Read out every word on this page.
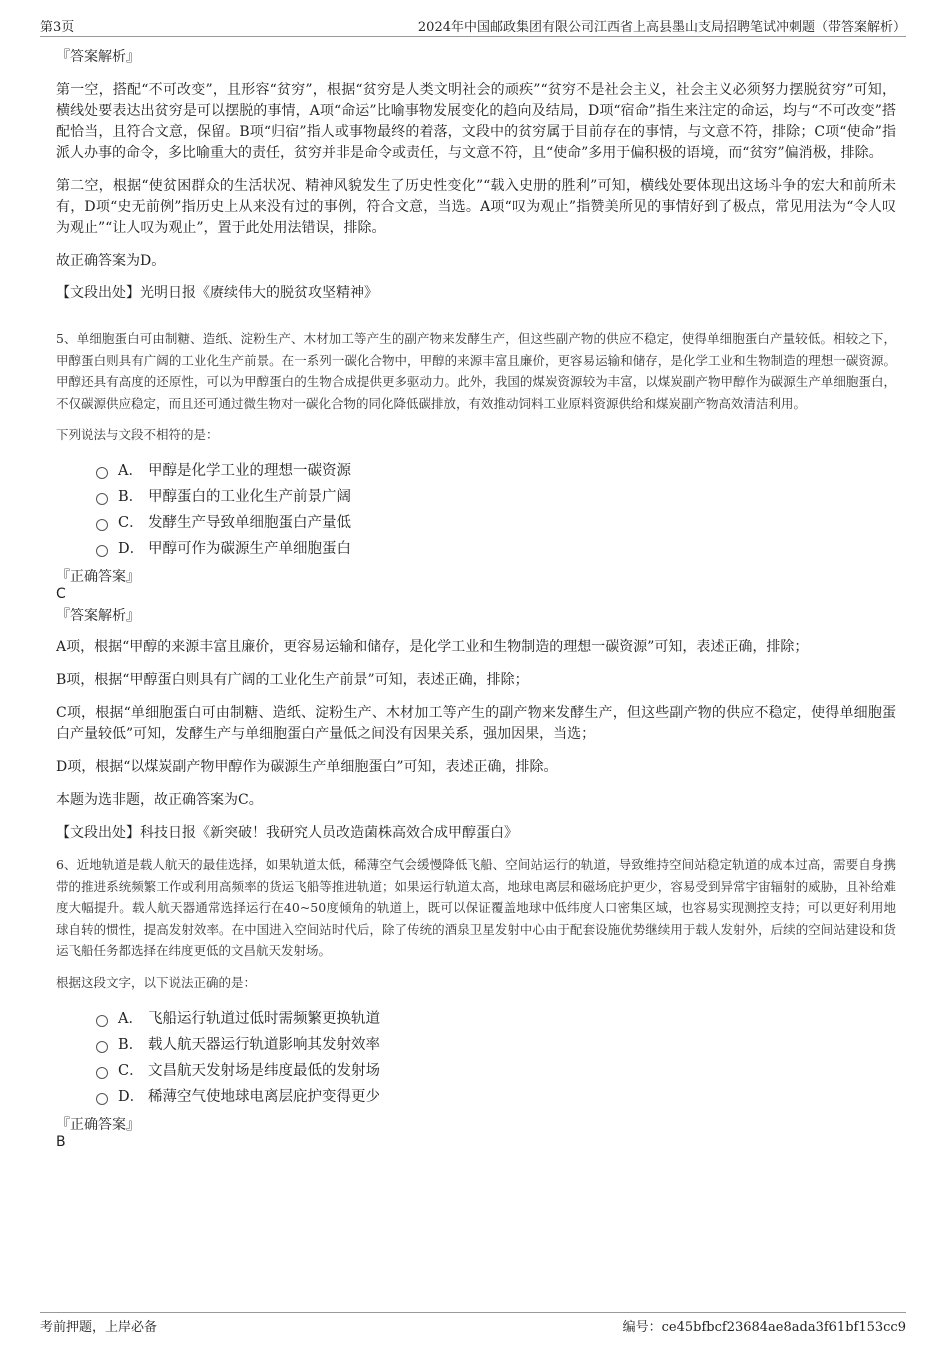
第3页	2024年中国邮政集团有限公司江西省上高县墨山支局招聘笔试冲刺题（带答案解析）

『答案解析』

第一空，搭配“不可改变”，且形容“贫穷”，根据“贫穷是人类文明社会的顽疾”“贫穷不是社会主义，社会主义必须努力摆脱贫穷”可知，横线处要表达出贫穷是可以摆脱的事情，A项“命运”比喻事物发展变化的趋向及结局，D项“宿命”指生来注定的命运，均与“不可改变”搭配恰当，且符合文意，保留。B项“归宿”指人或事物最终的着落，文段中的贫穷属于目前存在的事情，与文意不符，排除；C项“使命”指派人办事的命令，多比喻重大的责任，贫穷并非是命令或责任，与文意不符，且“使命”多用于偏积极的语境，而“贫穷”偏消极，排除。

第二空，根据“使贫困群众的生活状况、精神风貌发生了历史性变化”“载入史册的胜利”可知，横线处要体现出这场斗争的宏大和前所未有，D项“史无前例”指历史上从来没有过的事例，符合文意，当选。A项“叹为观止”指赞美所见的事情好到了极点，常见用法为“令人叹为观止”“让人叹为观止”，置于此处用法错误，排除。

故正确答案为D。

【文段出处】光明日报《赓续伟大的脱贫攻坚精神》

5、单细胞蛋白可由制糖、造纸、淀粉生产、木材加工等产生的副产物来发酵生产，但这些副产物的供应不稳定，使得单细胞蛋白产量较低。相较之下，甲醇蛋白则具有广阔的工业化生产前景。在一系列一碳化合物中，甲醇的来源丰富且廉价，更容易运输和储存，是化学工业和生物制造的理想一碳资源。甲醇还具有高度的还原性，可以为甲醇蛋白的生物合成提供更多驱动力。此外，我国的煤炭资源较为丰富，以煤炭副产物甲醇作为碳源生产单细胞蛋白，不仅碳源供应稳定，而且还可通过微生物对一碳化合物的同化降低碳排放，有效推动饲料工业原料资源供给和煤炭副产物高效清洁利用。

下列说法与文段不相符的是：

A． 甲醇是化学工业的理想一碳资源
B． 甲醇蛋白的工业化生产前景广阔
C． 发酵生产导致单细胞蛋白产量低
D． 甲醇可作为碳源生产单细胞蛋白

『正确答案』

C

『答案解析』

A项，根据“甲醇的来源丰富且廉价，更容易运输和储存，是化学工业和生物制造的理想一碳资源”可知，表述正确，排除；

B项，根据“甲醇蛋白则具有广阔的工业化生产前景”可知，表述正确，排除；

C项，根据“单细胞蛋白可由制糖、造纸、淀粉生产、木材加工等产生的副产物来发酵生产，但这些副产物的供应不稳定，使得单细胞蛋白产量较低”可知，发酵生产与单细胞蛋白产量低之间没有因果关系，强加因果，当选；

D项，根据“以煤炭副产物甲醇作为碳源生产单细胞蛋白”可知，表述正确，排除。

本题为选非题，故正确答案为C。

【文段出处】科技日报《新突破！我研究人员改造菌株高效合成甲醇蛋白》

6、近地轨道是载人航天的最佳选择，如果轨道太低，稀薄空气会缓慢降低飞船、空间站运行的轨道，导致维持空间站稳定轨道的成本过高，需要自身携带的推进系统频繁工作或利用高频率的货运飞船等推进轨道；如果运行轨道太高，地球电离层和磁场庇护更少，容易受到异常宇宙辐射的威胁，且补给难度大幅提升。载人航天器通常选择运行在40~50度倾角的轨道上，既可以保证覆盖地球中低纬度人口密集区域，也容易实现测控支持；可以更好利用地球自转的惯性，提高发射效率。在中国进入空间站时代后，除了传统的酒泉卫星发射中心由于配套设施优势继续用于载人发射外，后续的空间站建设和货运飞船任务都选择在纬度更低的文昌航天发射场。

根据这段文字，以下说法正确的是：

A． 飞船运行轨道过低时需频繁更换轨道
B． 载人航天器运行轨道影响其发射效率
C． 文昌航天发射场是纬度最低的发射场
D． 稀薄空气使地球电离层庇护变得更少

『正确答案』

B

考前押题，上岸必备	编号：ce45bfbcf23684ae8ada3f61bf153cc9
